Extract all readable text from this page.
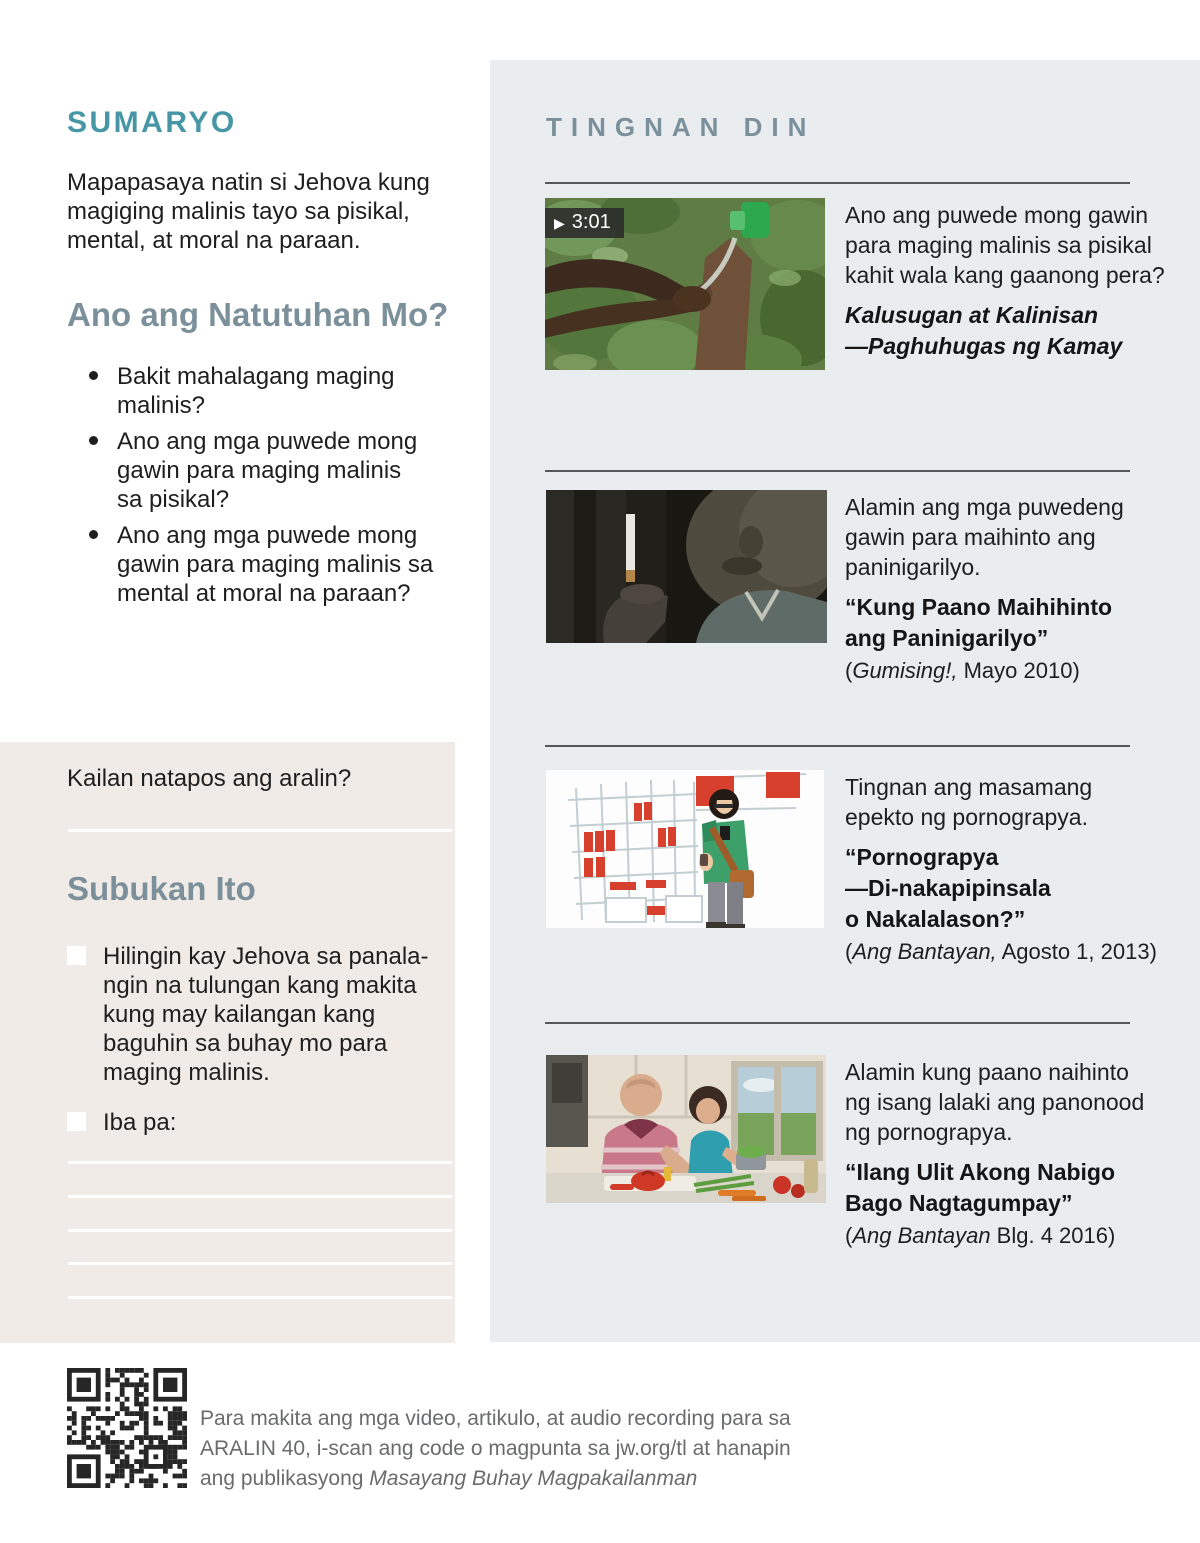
SUMARYO
Mapapasaya natin si Jehova kung
magiging malinis tayo sa pisikal,
mental, at moral na paraan.
Ano ang Natutuhan Mo?
Bakit mahalagang maging
malinis?
Ano ang mga puwede mong
gawin para maging malinis
sa pisikal?
Ano ang mga puwede mong
gawin para maging malinis sa
mental at moral na paraan?
Kailan natapos ang aralin?
Subukan Ito
Hilingin kay Jehova sa panala-
ngin na tulungan kang makita
kung may kailangan kang
baguhin sa buhay mo para
maging malinis.
Iba pa:
TINGNAN DIN
▶ 3:01	Ano ang puwede mong gawin
para maging malinis sa pisikal
kahit wala kang gaanong pera?
Kalusugan at Kalinisan
—Paghuhugas ng Kamay
Alamin ang mga puwedeng
gawin para maihinto ang
paninigarilyo.
“Kung Paano Maihihinto
ang Paninigarilyo”
(Gumising!, Mayo 2010)
Tingnan ang masamang
epekto ng pornograpya.
“Pornograpya
—Di-nakapipinsala
o Nakalalason?”
(Ang Bantayan, Agosto 1, 2013)
Alamin kung paano naihinto
ng isang lalaki ang panonood
ng pornograpya.
“Ilang Ulit Akong Nabigo
Bago Nagtagumpay”
(Ang Bantayan Blg. 4 2016)
Para makita ang mga video, artikulo, at audio recording para sa
ARALIN 40, i-scan ang code o magpunta sa jw.org/tl at hanapin
ang publikasyong Masayang Buhay Magpakailanman
